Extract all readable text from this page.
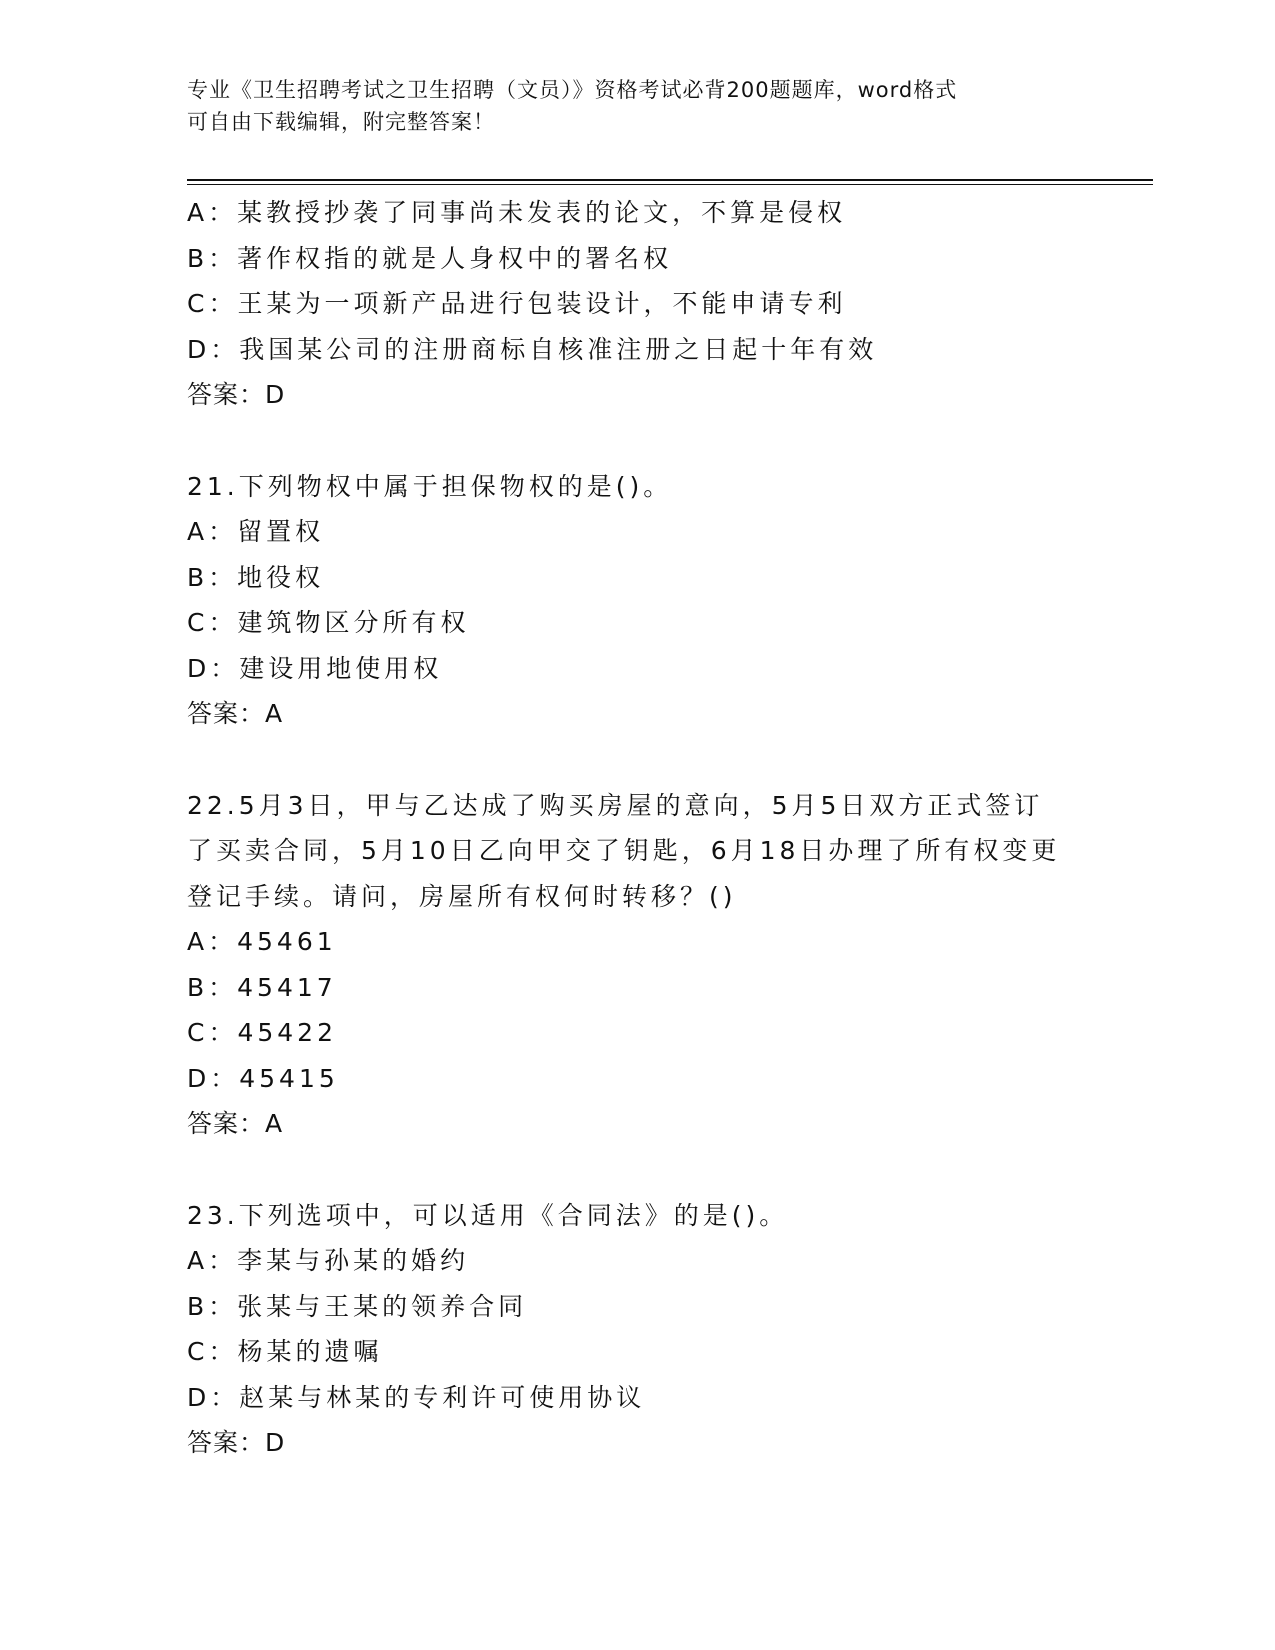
专业《卫生招聘考试之卫生招聘（文员）》资格考试必背200题题库，word格式
可自由下载编辑，附完整答案！
A：某教授抄袭了同事尚未发表的论文，不算是侵权
B：著作权指的就是人身权中的署名权
C：王某为一项新产品进行包装设计，不能申请专利
D：我国某公司的注册商标自核准注册之日起十年有效
答案：D
21.下列物权中属于担保物权的是()。
A：留置权
B：地役权
C：建筑物区分所有权
D：建设用地使用权
答案：A
22.5月3日，甲与乙达成了购买房屋的意向，5月5日双方正式签订
了买卖合同，5月10日乙向甲交了钥匙，6月18日办理了所有权变更
登记手续。请问，房屋所有权何时转移？()
A：45461
B：45417
C：45422
D：45415
答案：A
23.下列选项中，可以适用《合同法》的是()。
A：李某与孙某的婚约
B：张某与王某的领养合同
C：杨某的遗嘱
D：赵某与林某的专利许可使用协议
答案：D
